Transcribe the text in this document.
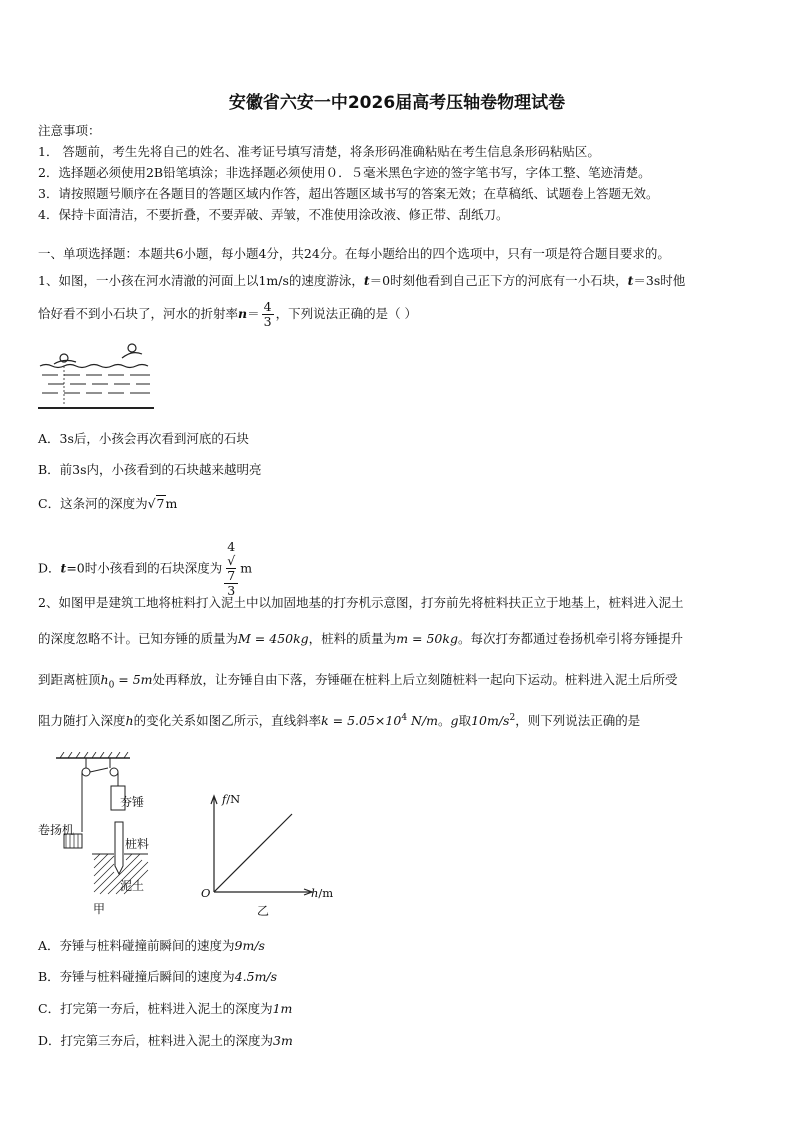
安徽省六安一中2026届高考压轴卷物理试卷
注意事项：
1． 答题前，考生先将自己的姓名、准考证号填写清楚，将条形码准确粘贴在考生信息条形码粘贴区。
2．选择题必须使用2B铅笔填涂；非选择题必须使用０．５毫米黑色字迹的签字笔书写，字体工整、笔迹清楚。
3．请按照题号顺序在各题目的答题区域内作答，超出答题区域书写的答案无效；在草稿纸、试题卷上答题无效。
4．保持卡面清洁，不要折叠，不要弄破、弄皱，不准使用涂改液、修正带、刮纸刀。
一、单项选择题：本题共6小题，每小题4分，共24分。在每小题给出的四个选项中，只有一项是符合题目要求的。
1、如图，一小孩在河水清澈的河面上以1m/s的速度游泳，t＝0时刻他看到自己正下方的河底有一小石块，t＝3s时他
恰好看不到小石块了，河水的折射率$n= \frac{4}{3}$ ，下列说法正确的是（ ）
A．3s后，小孩会再次看到河底的石块
B．前3s内，小孩看到的石块越来越明亮
C．这条河的深度为√7m
D．t=0时小孩看到的石块深度为 4
√
7
3 m
2、如图甲是建筑工地将桩料打入泥土中以加固地基的打夯机示意图，打夯前先将桩料扶正立于地基上，桩料进入泥土
的深度忽略不计。已知夯锤的质量为M = 450kg，桩料的质量为m = 50kg。每次打夯都通过卷扬机牵引将夯锤提升
到距离桩顶$h_0 = 5m$处再释放，让夯锤自由下落，夯锤砸在桩料上后立刻随桩料一起向下运动。桩料进入泥土后所受
阻力随打入深度h的变化关系如图乙所示，直线斜率$k = 5.05\times 10^4$ N/m。g取$10m/s^2$，则下列说法正确的是
夯锤
卷扬机
桩料
泥土
甲
f/N
O	h/m
乙
A．夯锤与桩料碰撞前瞬间的速度为9m/s
B．夯锤与桩料碰撞后瞬间的速度为4.5m/s
C．打完第一夯后，桩料进入泥土的深度为1m
D．打完第三夯后，桩料进入泥土的深度为3m
